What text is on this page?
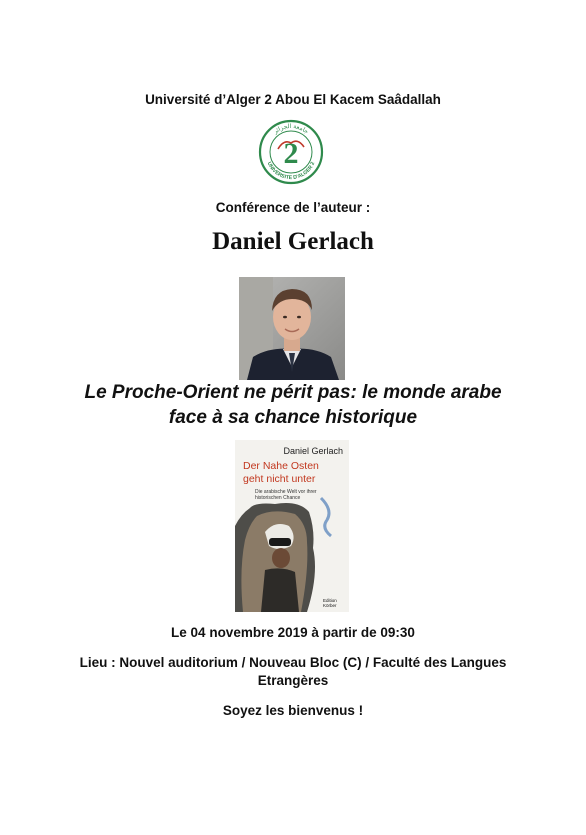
Université d’Alger 2 Abou El Kacem Saâdallah
جامعة الجزائر
UNIVERSITE D'ALGER 2
2
Conférence de l’auteur :
Daniel Gerlach
Le Proche-Orient ne périt pas: le monde arabe
face à sa chance historique
Daniel Gerlach
Der Nahe Osten
geht nicht unter
Die arabische Welt vor ihrer
historischen Chance
Edition
Körber
Le 04 novembre 2019 à partir de 09:30
Lieu : Nouvel auditorium / Nouveau Bloc (C) / Faculté des Langues
Etrangères
Soyez les bienvenus !
